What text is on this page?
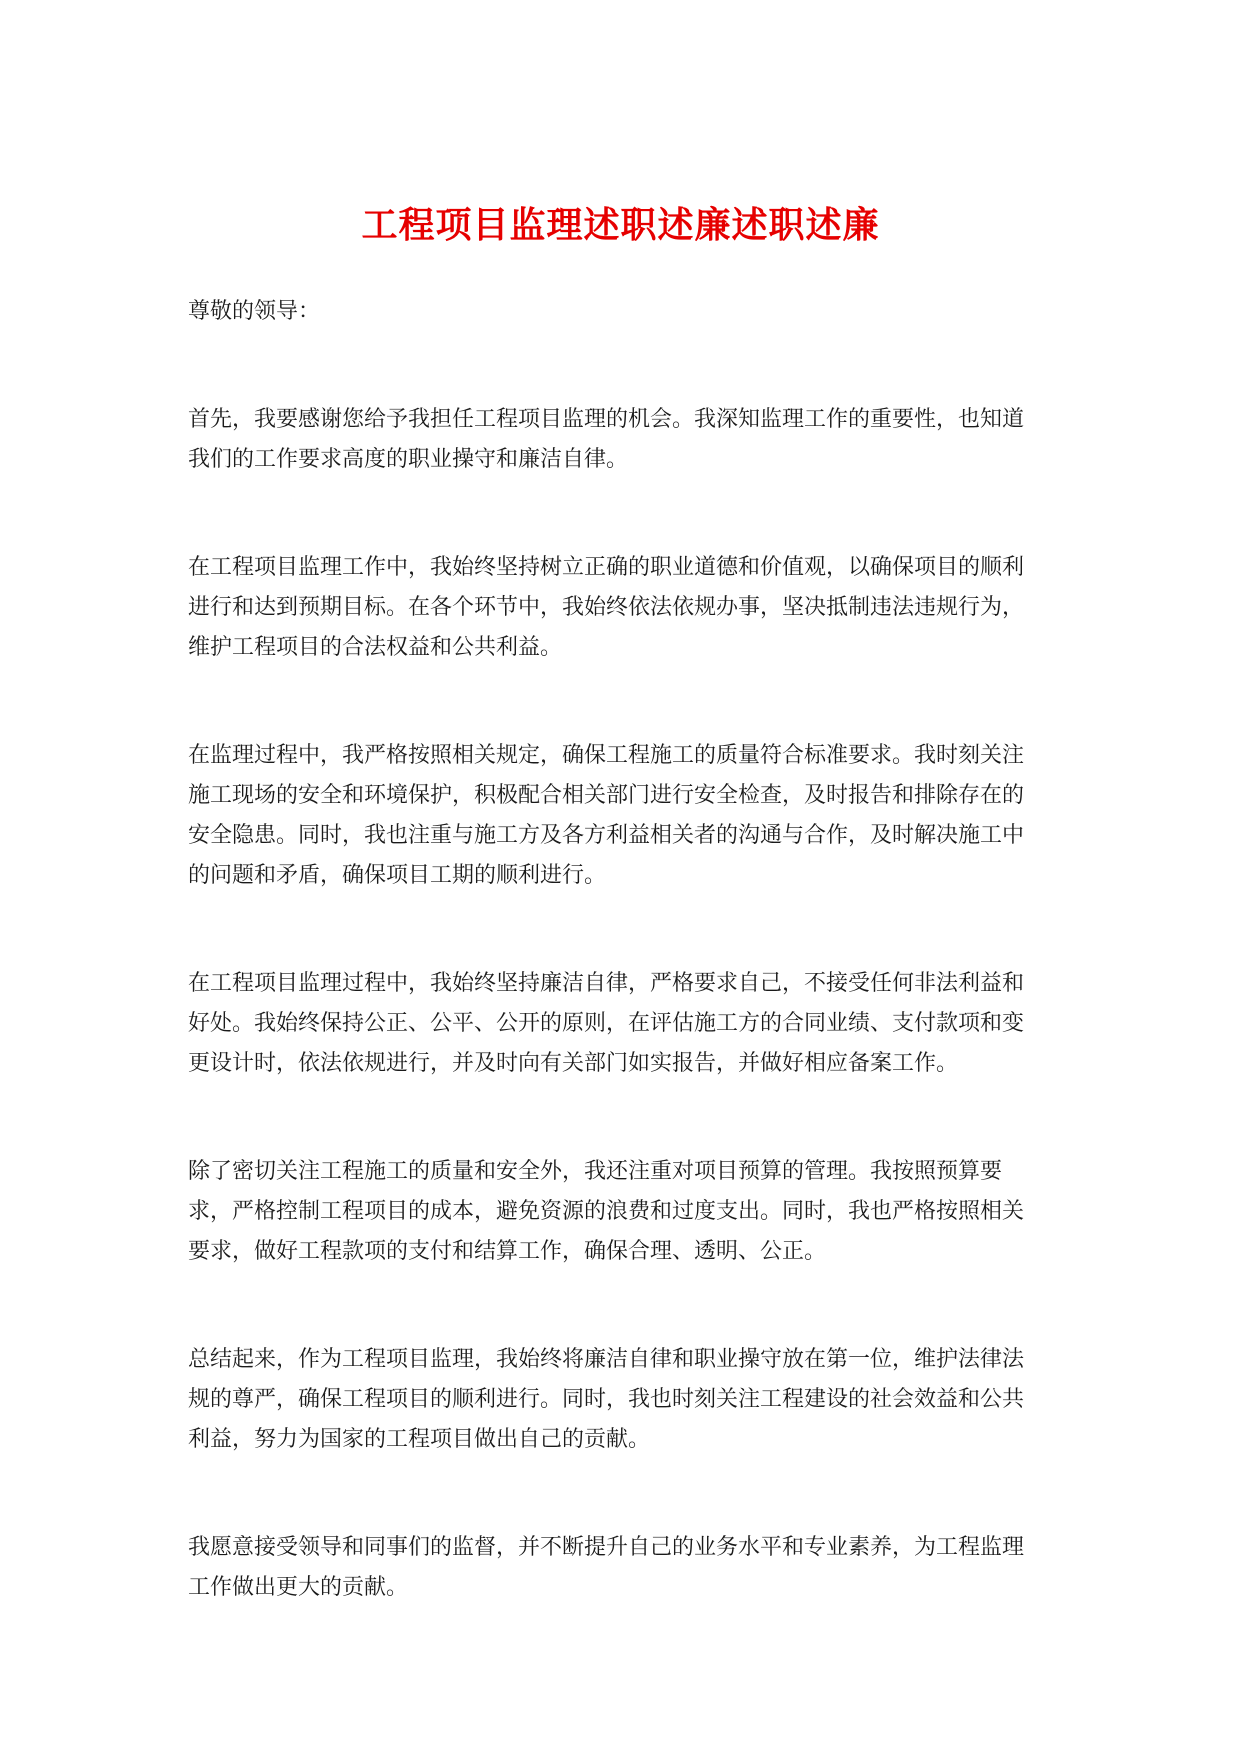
工程项目监理述职述廉述职述廉

尊敬的领导：

首先，我要感谢您给予我担任工程项目监理的机会。我深知监理工作的重要性，也知道我们的工作要求高度的职业操守和廉洁自律。

在工程项目监理工作中，我始终坚持树立正确的职业道德和价值观，以确保项目的顺利进行和达到预期目标。在各个环节中，我始终依法依规办事，坚决抵制违法违规行为，维护工程项目的合法权益和公共利益。

在监理过程中，我严格按照相关规定，确保工程施工的质量符合标准要求。我时刻关注施工现场的安全和环境保护，积极配合相关部门进行安全检查，及时报告和排除存在的安全隐患。同时，我也注重与施工方及各方利益相关者的沟通与合作，及时解决施工中的问题和矛盾，确保项目工期的顺利进行。

在工程项目监理过程中，我始终坚持廉洁自律，严格要求自己，不接受任何非法利益和好处。我始终保持公正、公平、公开的原则，在评估施工方的合同业绩、支付款项和变更设计时，依法依规进行，并及时向有关部门如实报告，并做好相应备案工作。

除了密切关注工程施工的质量和安全外，我还注重对项目预算的管理。我按照预算要求，严格控制工程项目的成本，避免资源的浪费和过度支出。同时，我也严格按照相关要求，做好工程款项的支付和结算工作，确保合理、透明、公正。

总结起来，作为工程项目监理，我始终将廉洁自律和职业操守放在第一位，维护法律法规的尊严，确保工程项目的顺利进行。同时，我也时刻关注工程建设的社会效益和公共利益，努力为国家的工程项目做出自己的贡献。

我愿意接受领导和同事们的监督，并不断提升自己的业务水平和专业素养，为工程监理工作做出更大的贡献。
